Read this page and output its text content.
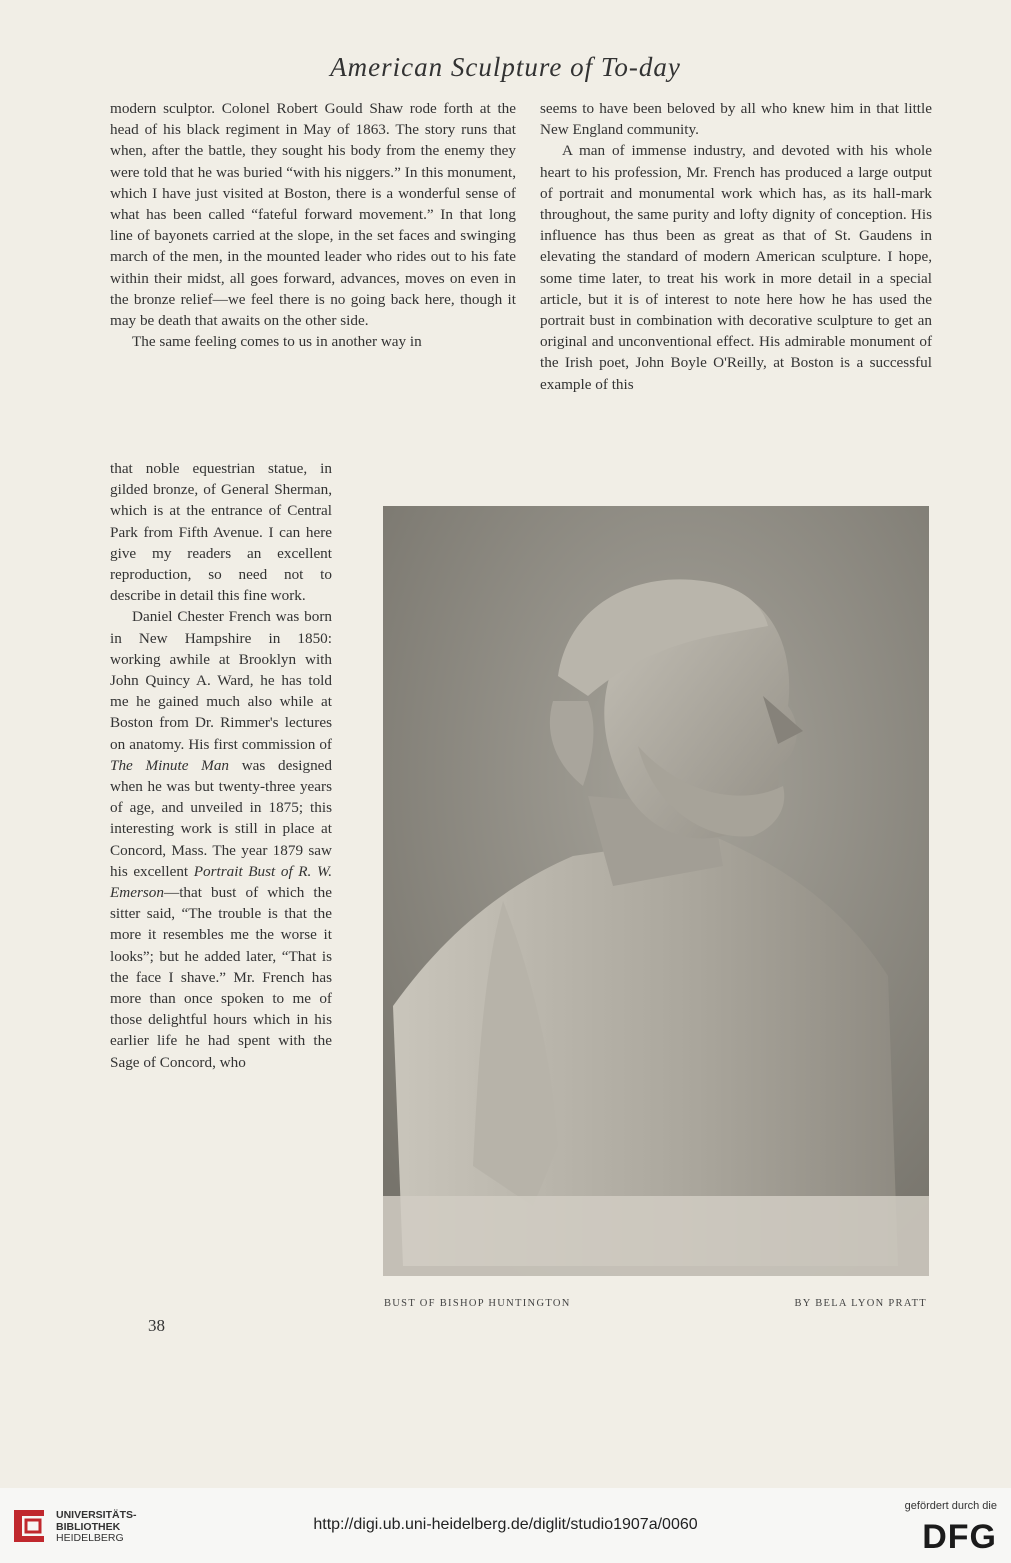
American Sculpture of To-day

modern sculptor. Colonel Robert Gould Shaw rode forth at the head of his black regiment in May of 1863. The story runs that when, after the battle, they sought his body from the enemy they were told that he was buried “with his niggers.” In this monument, which I have just visited at Boston, there is a wonderful sense of what has been called “fateful forward movement.” In that long line of bayonets carried at the slope, in the set faces and swinging march of the men, in the mounted leader who rides out to his fate within their midst, all goes forward, advances, moves on even in the bronze relief—we feel there is no going back here, though it may be death that awaits on the other side.

The same feeling comes to us in another way in

that noble equestrian statue, in gilded bronze, of General Sherman, which is at the entrance of Central Park from Fifth Avenue. I can here give my readers an excellent reproduction, so need not to describe in detail this fine work.

Daniel Chester French was born in New Hampshire in 1850: working awhile at Brooklyn with John Quincy A. Ward, he has told me he gained much also while at Boston from Dr. Rimmer's lectures on anatomy. His first commission of The Minute Man was designed when he was but twenty-three years of age, and unveiled in 1875; this interesting work is still in place at Concord, Mass. The year 1879 saw his excellent Portrait Bust of R. W. Emerson—that bust of which the sitter said, “The trouble is that the more it resembles me the worse it looks”; but he added later, “That is the face I shave.” Mr. French has more than once spoken to me of those delightful hours which in his earlier life he had spent with the Sage of Concord, who

seems to have been beloved by all who knew him in that little New England community.

A man of immense industry, and devoted with his whole heart to his profession, Mr. French has produced a large output of portrait and monumental work which has, as its hall-mark throughout, the same purity and lofty dignity of conception. His influence has thus been as great as that of St. Gaudens in elevating the standard of modern American sculpture. I hope, some time later, to treat his work in more detail in a special article, but it is of interest to note here how he has used the portrait bust in combination with decorative sculpture to get an original and unconventional effect. His admirable monument of the Irish poet, John Boyle O'Reilly, at Boston is a successful example of this

BUST OF BISHOP HUNTINGTON	BY BELA LYON PRATT
38
UNIVERSITÄTS-
BIBLIOTHEK
HEIDELBERG
http://digi.ub.uni-heidelberg.de/diglit/studio1907a/0060
gefördert durch die
DFG
